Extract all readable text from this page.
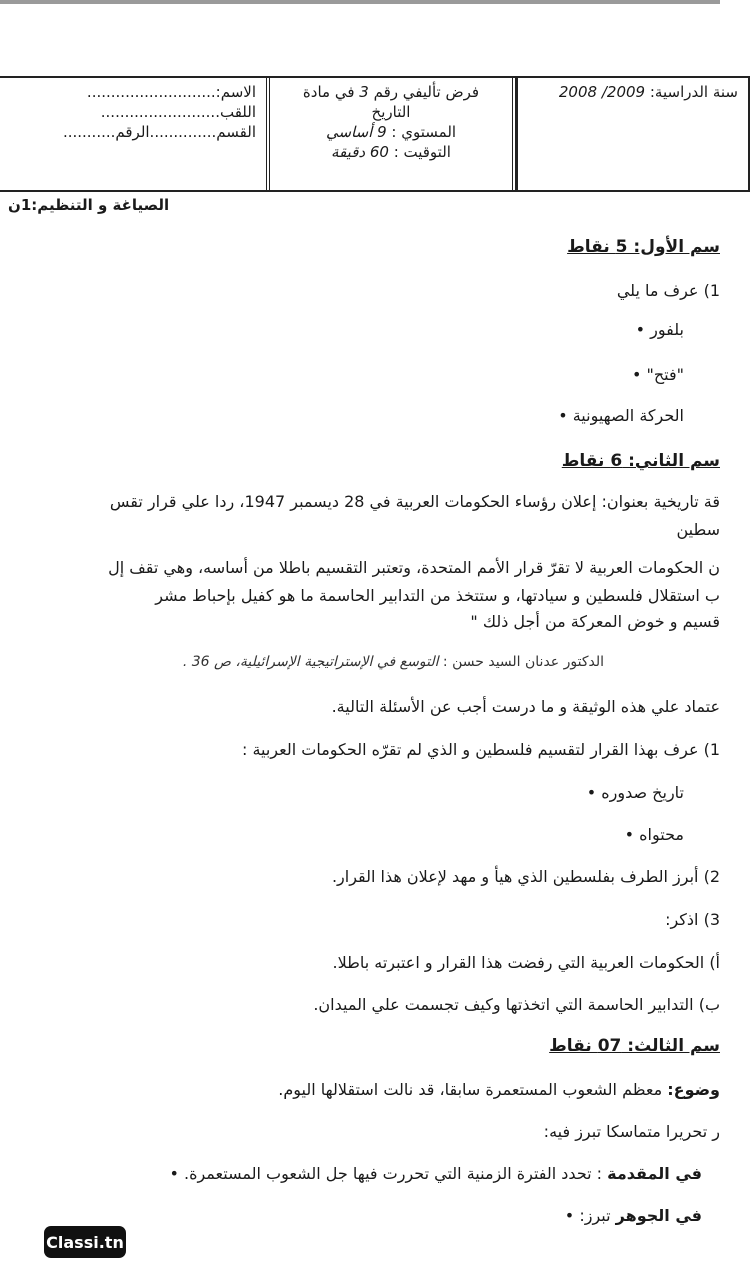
سنة الدراسية: 2009/ 2008
فرض تأليفي رقم 3 في مادة
التاريخ
المستوي : 9 أساسي
التوقيت : 60 دقيقة
الاسم:...........................
اللقب.........................
القسم..............الرقم...........
الصياغة و التنظيم:1ن
سم الأول: 5 نقاط
1) عرف ما يلي
بلفور •
"فتح" •
الحركة الصهيونية •
سم الثاني: 6 نقاط
قة تاريخية بعنوان: إعلان رؤساء الحكومات العربية في 28 ديسمبر 1947، ردا علي قرار تقس
سطين
ن الحكومات العربية لا تقرّ قرار الأمم المتحدة، وتعتبر التقسيم باطلا من أساسه، وهي تقف إل
ب استقلال فلسطين و سيادتها، و ستتخذ من التدابير الحاسمة ما هو كفيل بإحباط مشر
قسيم و خوض المعركة من أجل ذلك "
الدكتور عدنان السيد حسن : التوسع في الإستراتيجية الإسرائيلية، ص 36 .
عتماد علي هذه الوثيقة و ما درست أجب عن الأسئلة التالية.
1) عرف بهذا القرار لتقسيم فلسطين و الذي لم تقرّه الحكومات العربية :
تاريخ صدوره •
محتواه •
2) أبرز الطرف بفلسطين الذي هيأ و مهد لإعلان هذا القرار.
3) اذكر:
أ) الحكومات العربية التي رفضت هذا القرار و اعتبرته باطلا.
ب) التدابير الحاسمة التي اتخذتها وكيف تجسمت علي الميدان.
سم الثالث: 07 نقاط
وضوع: معظم الشعوب المستعمرة سابقا، قد نالت استقلالها اليوم.
ر تحريرا متماسكا تبرز فيه:
في المقدمة : تحدد الفترة الزمنية التي تحررت فيها جل الشعوب المستعمرة. •
في الجوهر تبرز: •
Classi.tn
